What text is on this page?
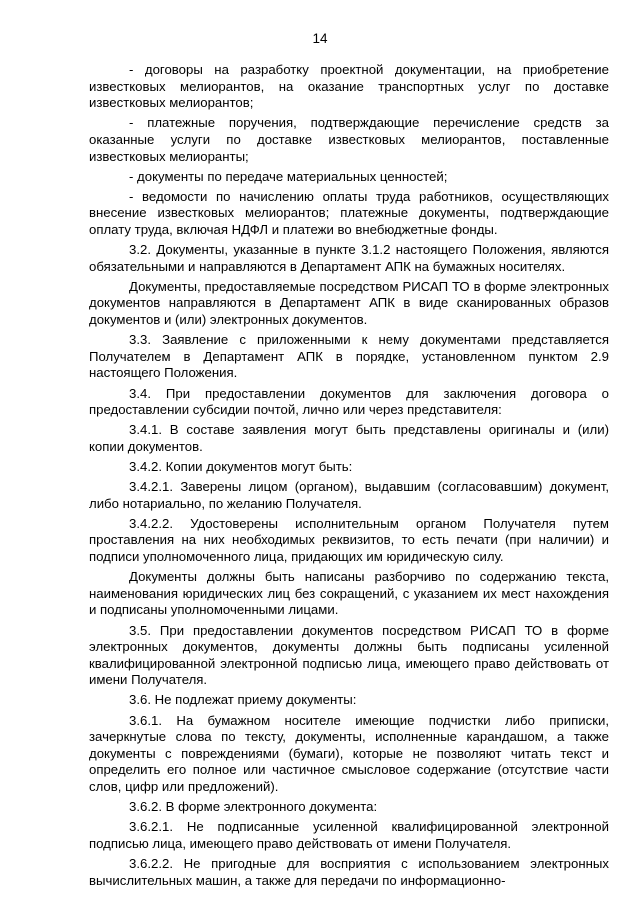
14

- договоры на разработку проектной документации, на приобретение известковых мелиорантов, на оказание транспортных услуг по доставке известковых мелиорантов;

- платежные поручения, подтверждающие перечисление средств за оказанные услуги по доставке известковых мелиорантов, поставленные известковых мелиоранты;

- документы по передаче материальных ценностей;

- ведомости по начислению оплаты труда работников, осуществляющих внесение известковых мелиорантов; платежные документы, подтверждающие оплату труда, включая НДФЛ и платежи во внебюджетные фонды.

3.2. Документы, указанные в пункте 3.1.2 настоящего Положения, являются обязательными и направляются в Департамент АПК на бумажных носителях.

Документы, предоставляемые посредством РИСАП ТО в форме электронных документов направляются в Департамент АПК в виде сканированных образов документов и (или) электронных документов.

3.3. Заявление с приложенными к нему документами представляется Получателем в Департамент АПК в порядке, установленном пунктом 2.9 настоящего Положения.

3.4. При предоставлении документов для заключения договора о предоставлении субсидии почтой, лично или через представителя:

3.4.1. В составе заявления могут быть представлены оригиналы и (или) копии документов.

3.4.2. Копии документов могут быть:

3.4.2.1. Заверены лицом (органом), выдавшим (согласовавшим) документ, либо нотариально, по желанию Получателя.

3.4.2.2. Удостоверены исполнительным органом Получателя путем проставления на них необходимых реквизитов, то есть печати (при наличии) и подписи уполномоченного лица, придающих им юридическую силу.

Документы должны быть написаны разборчиво по содержанию текста, наименования юридических лиц без сокращений, с указанием их мест нахождения и подписаны уполномоченными лицами.

3.5. При предоставлении документов посредством РИСАП ТО в форме электронных документов, документы должны быть подписаны усиленной квалифицированной электронной подписью лица, имеющего право действовать от имени Получателя.

3.6. Не подлежат приему документы:

3.6.1. На бумажном носителе имеющие подчистки либо приписки, зачеркнутые слова по тексту, документы, исполненные карандашом, а также документы с повреждениями (бумаги), которые не позволяют читать текст и определить его полное или частичное смысловое содержание (отсутствие части слов, цифр или предложений).

3.6.2. В форме электронного документа:

3.6.2.1. Не подписанные усиленной квалифицированной электронной подписью лица, имеющего право действовать от имени Получателя.

3.6.2.2. Не пригодные для восприятия с использованием электронных вычислительных машин, а также для передачи по информационно-
